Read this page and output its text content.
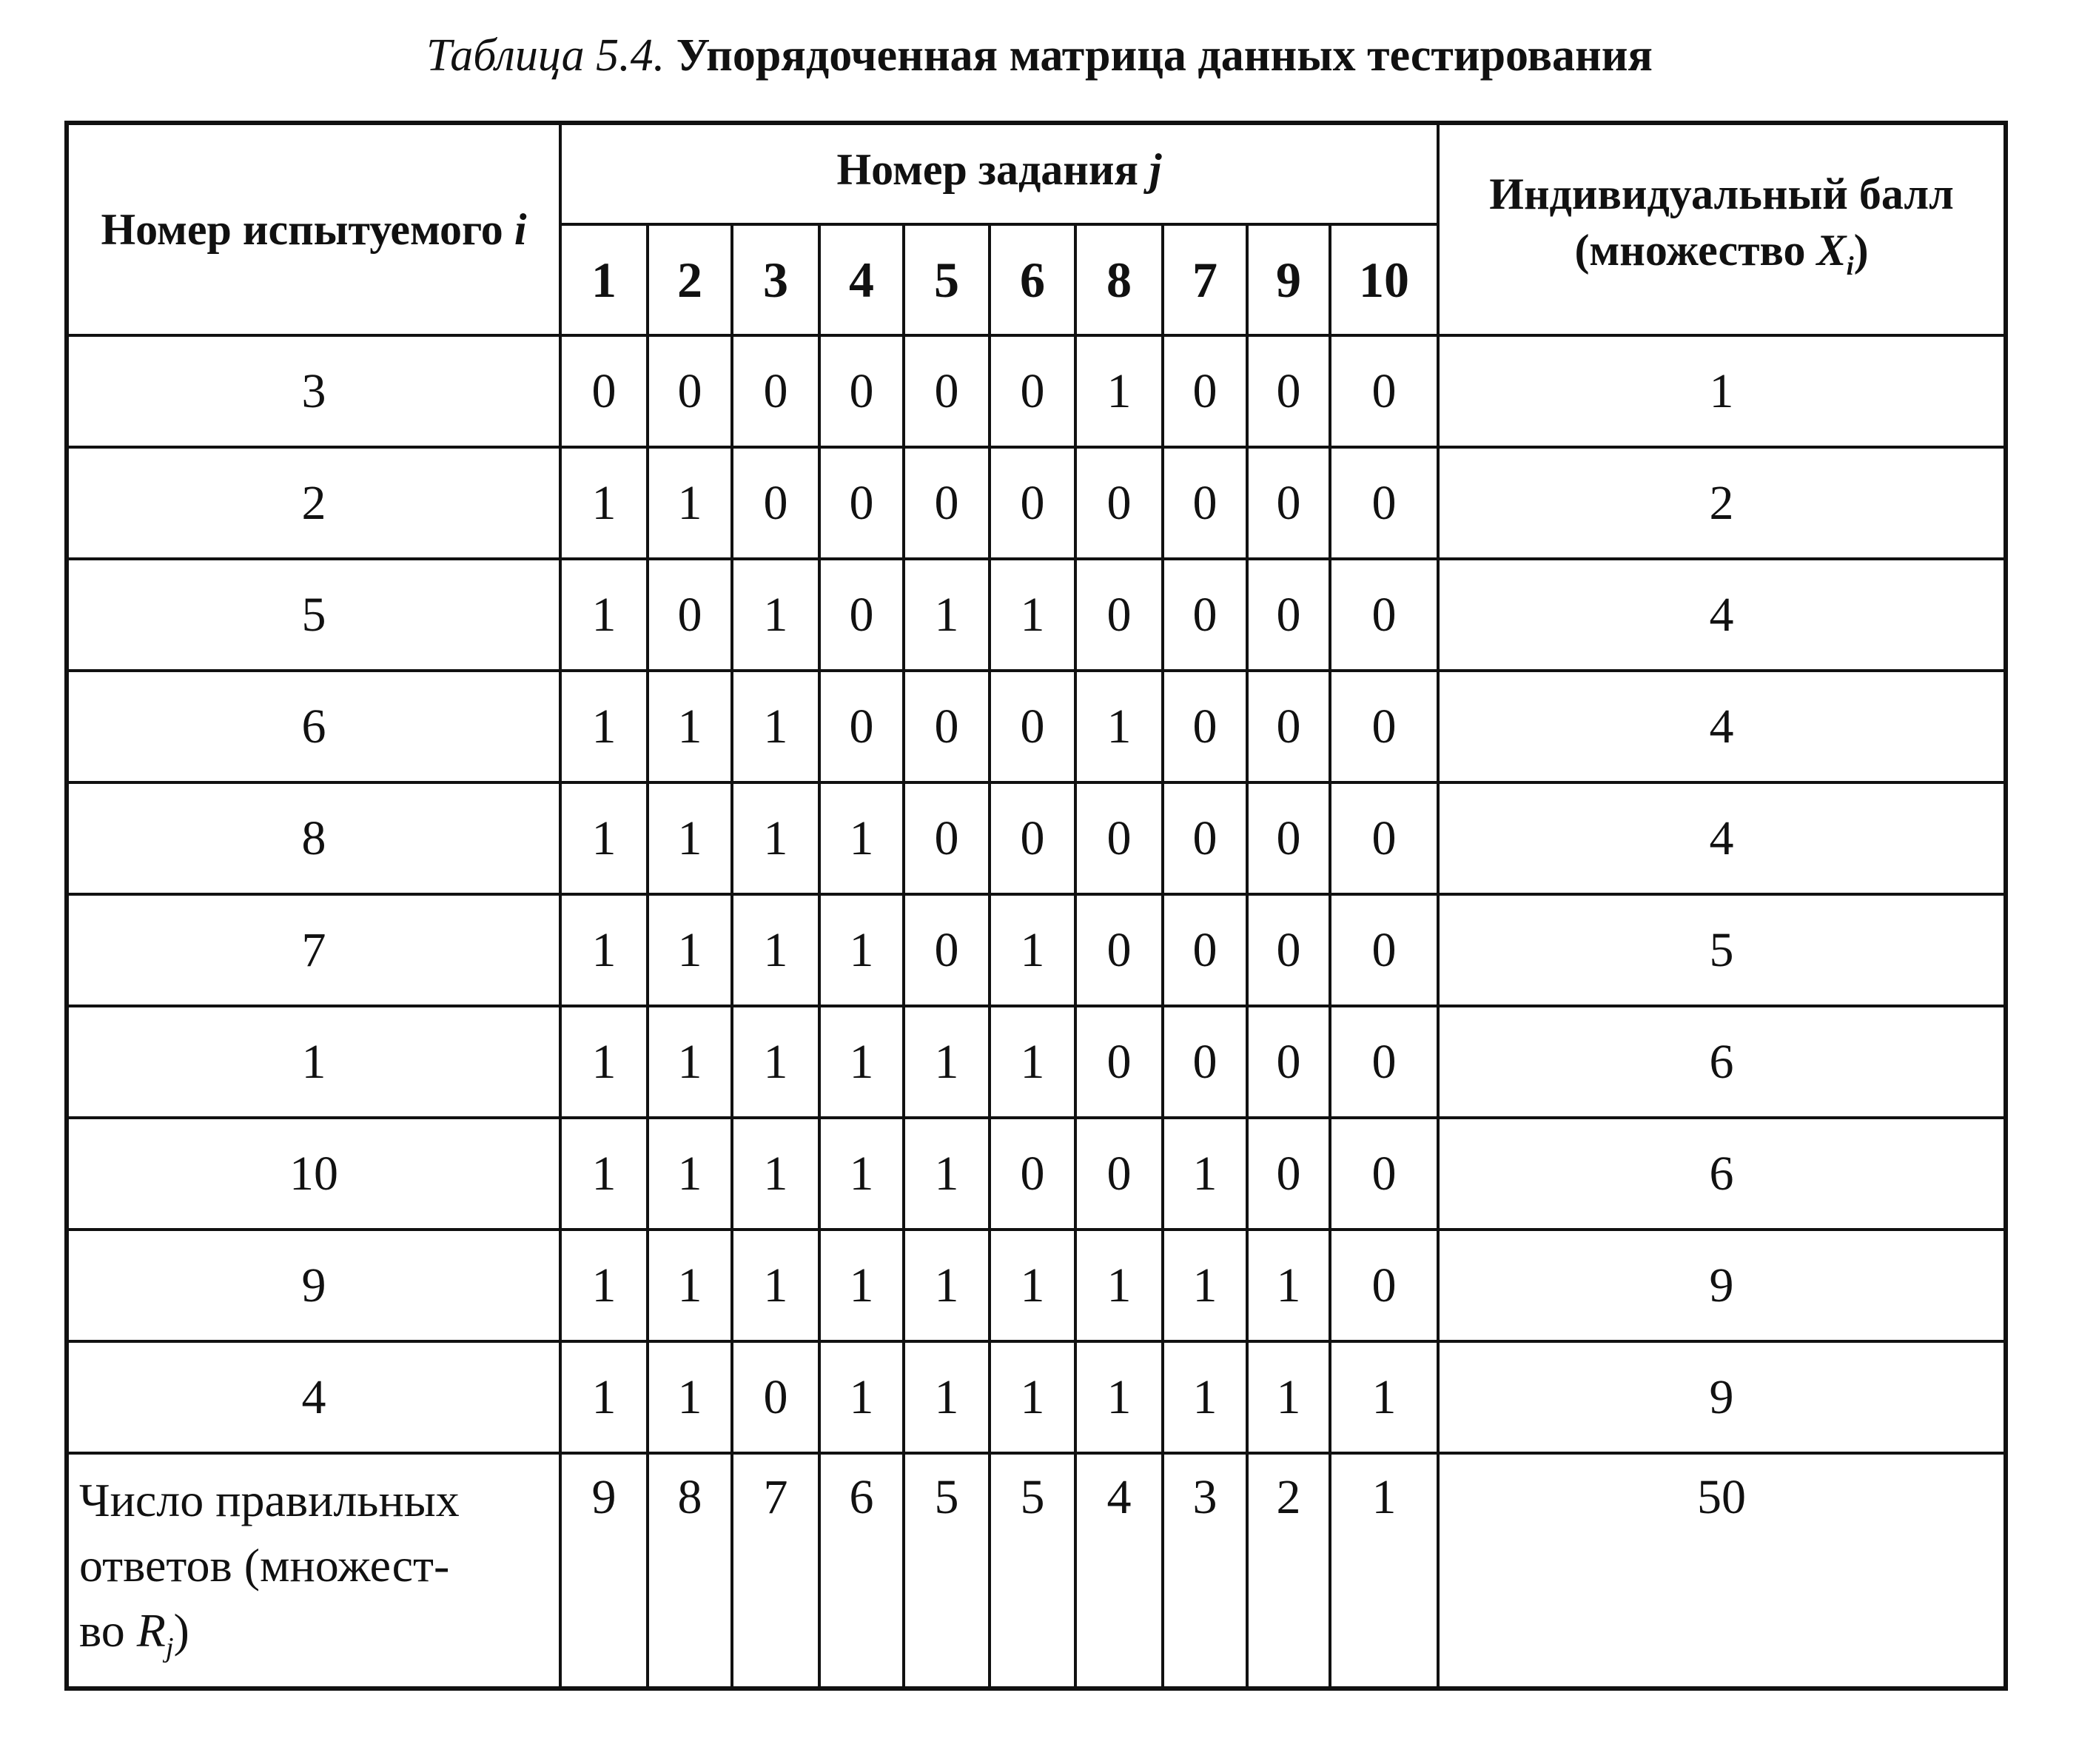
Таблица 5.4. Упорядоченная матрица данных тестирования
Номер испытуемого i	Номер задания j										Индивидуальный балл
(множество $X_i$)

	1	2	3	4	5	6	8	7	9	10	
3	0	0	0	0	0	0	1	0	0	0	1
2	1	1	0	0	0	0	0	0	0	0	2
5	1	0	1	0	1	1	0	0	0	0	4
6	1	1	1	0	0	0	1	0	0	0	4
8	1	1	1	1	0	0	0	0	0	0	4
7	1	1	1	1	0	1	0	0	0	0	5
1	1	1	1	1	1	1	0	0	0	0	6
10	1	1	1	1	1	0	0	1	0	0	6
9	1	1	1	1	1	1	1	1	1	0	9
4	1	1	0	1	1	1	1	1	1	1	9

Число правильных
ответов (множест-
во $R_j$)	9	8	7	6	5	5	4	3	2	1	50
